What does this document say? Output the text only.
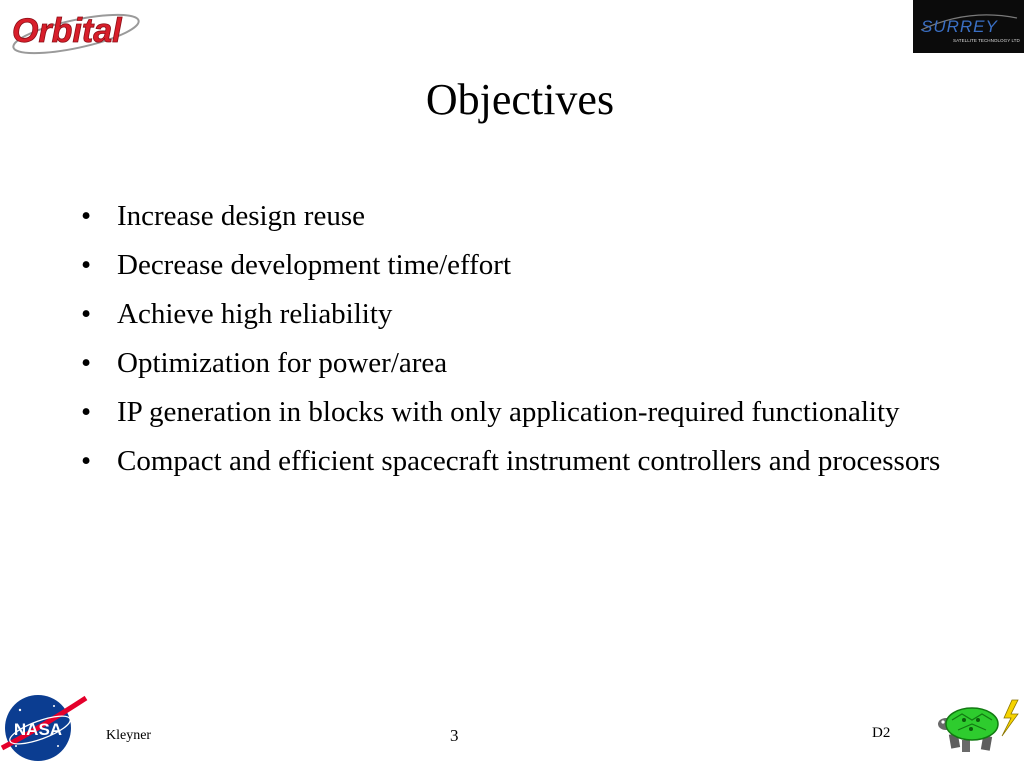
Orbital	SURREY
SATELLITE TECHNOLOGY LTD
Objectives
• Increase design reuse
• Decrease development time/effort
• Achieve high reliability
• Optimization for power/area
• IP generation in blocks with only application-required functionality
• Compact and efficient spacecraft instrument controllers and processors
NASA	Kleyner	3	D2
